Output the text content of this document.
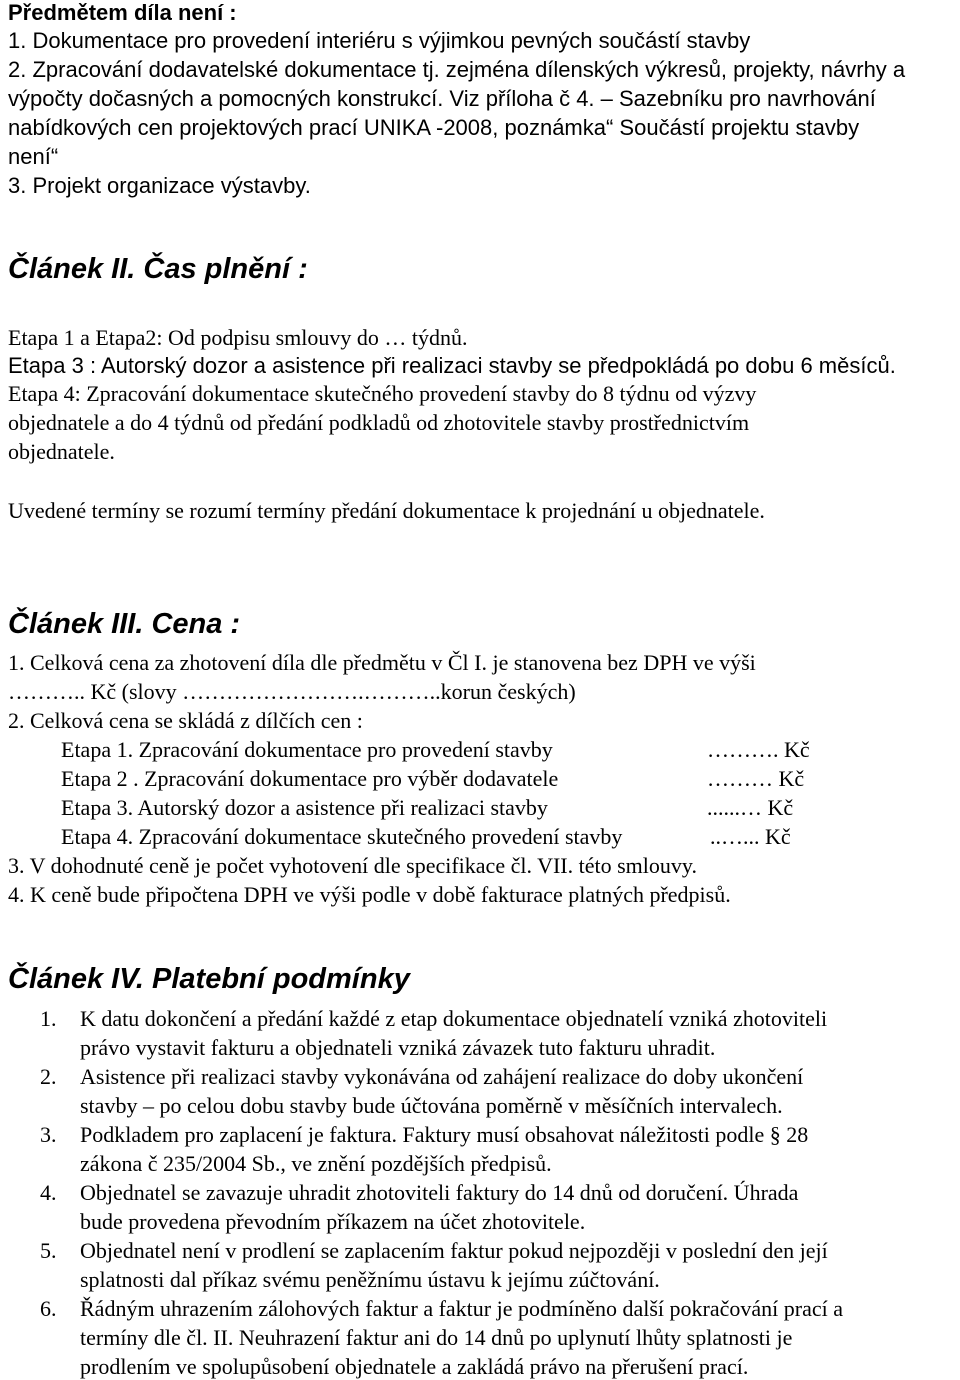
Předmětem díla není :
1. Dokumentace pro provedení interiéru s výjimkou pevných součástí stavby
2. Zpracování dodavatelské dokumentace tj. zejména dílenských výkresů, projekty, návrhy a
výpočty dočasných a pomocných konstrukcí. Viz příloha č 4. – Sazebníku pro navrhování
nabídkových cen projektových prací UNIKA -2008, poznámka“ Součástí projektu stavby
není“
3. Projekt organizace výstavby.
Článek II. Čas plnění :
Etapa 1 a Etapa2: Od podpisu smlouvy do … týdnů.
Etapa 3 : Autorský dozor a asistence při realizaci stavby se předpokládá po dobu 6 měsíců.
Etapa 4: Zpracování dokumentace skutečného provedení stavby do 8 týdnu od výzvy
objednatele a do 4 týdnů od předání podkladů od zhotovitele stavby prostřednictvím
objednatele.
Uvedené termíny se rozumí termíny předání dokumentace k projednání u objednatele.
Článek III. Cena :
1. Celková cena za zhotovení díla dle předmětu v Čl I. je stanovena bez DPH ve výši
……….. Kč (slovy …………………….………..korun českých)
2. Celková cena se skládá z dílčích cen :
Etapa 1. Zpracování dokumentace pro provedení stavby	………. Kč
Etapa 2 . Zpracování dokumentace pro výběr dodavatele	……… Kč
Etapa 3. Autorský dozor a asistence při realizaci stavby	......… Kč
Etapa 4. Zpracování dokumentace skutečného provedení stavby	..…... Kč
3. V dohodnuté ceně je počet vyhotovení dle specifikace čl. VII. této smlouvy.
4. K ceně bude připočtena DPH ve výši podle v době fakturace platných předpisů.
Článek IV. Platební podmínky
1. K datu dokončení a předání každé z etap dokumentace objednatelí vzniká zhotoviteli
právo vystavit fakturu a objednateli vzniká závazek tuto fakturu uhradit.
2. Asistence při realizaci stavby vykonávána od zahájení realizace do doby ukončení
stavby – po celou dobu stavby bude účtována poměrně v měsíčních intervalech.
3. Podkladem pro zaplacení je faktura. Faktury musí obsahovat náležitosti podle § 28
zákona č 235/2004 Sb., ve znění pozdějších předpisů.
4. Objednatel se zavazuje uhradit zhotoviteli faktury do 14 dnů od doručení. Úhrada
bude provedena převodním příkazem na účet zhotovitele.
5. Objednatel není v prodlení se zaplacením faktur pokud nejpozději v poslední den její
splatnosti dal příkaz svému peněžnímu ústavu k jejímu zúčtování.
6. Řádným uhrazením zálohových faktur a faktur je podmíněno další pokračování prací a
termíny dle čl. II. Neuhrazení faktur ani do 14 dnů po uplynutí lhůty splatnosti je
prodlením ve spolupůsobení objednatele a zakládá právo na přerušení prací.
